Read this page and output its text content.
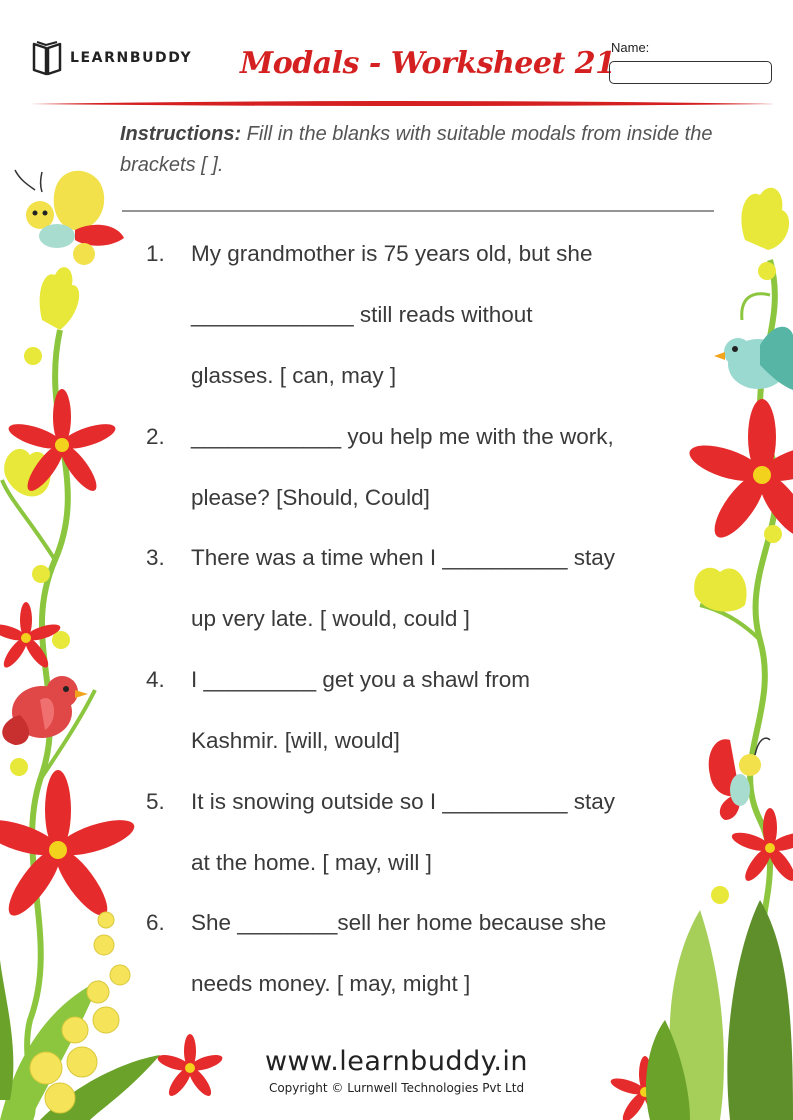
LEARNBUDDY Modals - Worksheet 21
Name:
Instructions: Fill in the blanks with suitable modals from inside the brackets [ ].
1. My grandmother is 75 years old, but she
_____________ still reads without
glasses. [ can, may ]
2. ____________ you help me with the work,
please? [Should, Could]
3. There was a time when I __________ stay
up very late. [ would, could ]
4. I _________ get you a shawl from
Kashmir. [will, would]
5. It is snowing outside so I __________ stay
at the home. [ may, will ]
6. She ________sell her home because she
needs money. [ may, might ]
www.learnbuddy.in
Copyright © Lurnwell Technologies Pvt Ltd
